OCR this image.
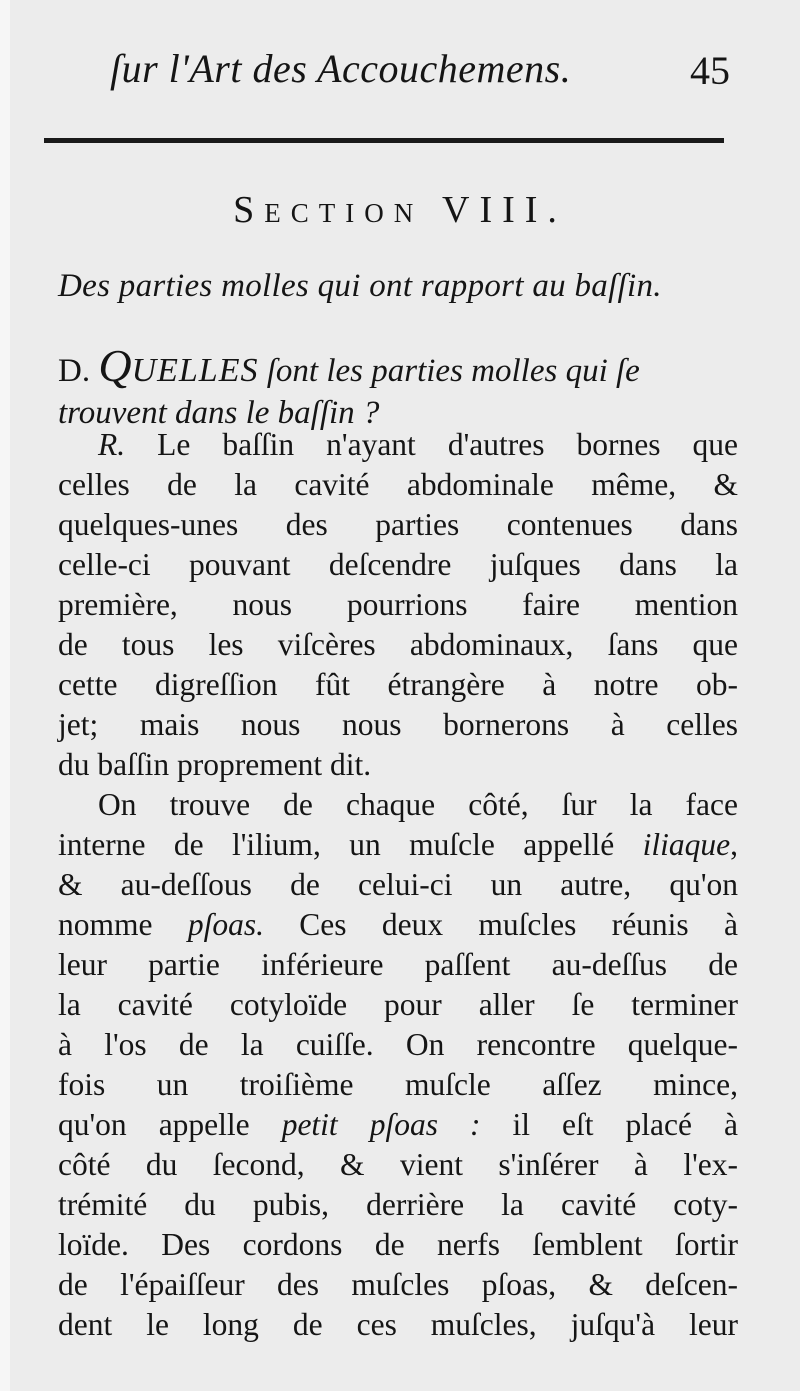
ſur l'Art des Accouchemens.	45
Section VIII.
Des parties molles qui ont rapport au baſſin.
D. QUELLES ſont les parties molles qui ſe
trouvent dans le baſſin ?
R. Le baſſin n'ayant d'autres bornes que
celles de la cavité abdominale même, &
quelques-unes des parties contenues dans
celle-ci pouvant deſcendre juſques dans la
première, nous pourrions faire mention
de tous les viſcères abdominaux, ſans que
cette digreſſion fût étrangère à notre ob-
jet; mais nous nous bornerons à celles
du baſſin proprement dit.
On trouve de chaque côté, ſur la face
interne de l'ilium, un muſcle appellé iliaque,
& au-deſſous de celui-ci un autre, qu'on
nomme pſoas. Ces deux muſcles réunis à
leur partie inférieure paſſent au-deſſus de
la cavité cotyloïde pour aller ſe terminer
à l'os de la cuiſſe. On rencontre quelque-
fois un troiſième muſcle aſſez mince,
qu'on appelle petit pſoas : il eſt placé à
côté du ſecond, & vient s'inſérer à l'ex-
trémité du pubis, derrière la cavité coty-
loïde. Des cordons de nerfs ſemblent ſortir
de l'épaiſſeur des muſcles pſoas, & deſcen-
dent le long de ces muſcles, juſqu'à leur
